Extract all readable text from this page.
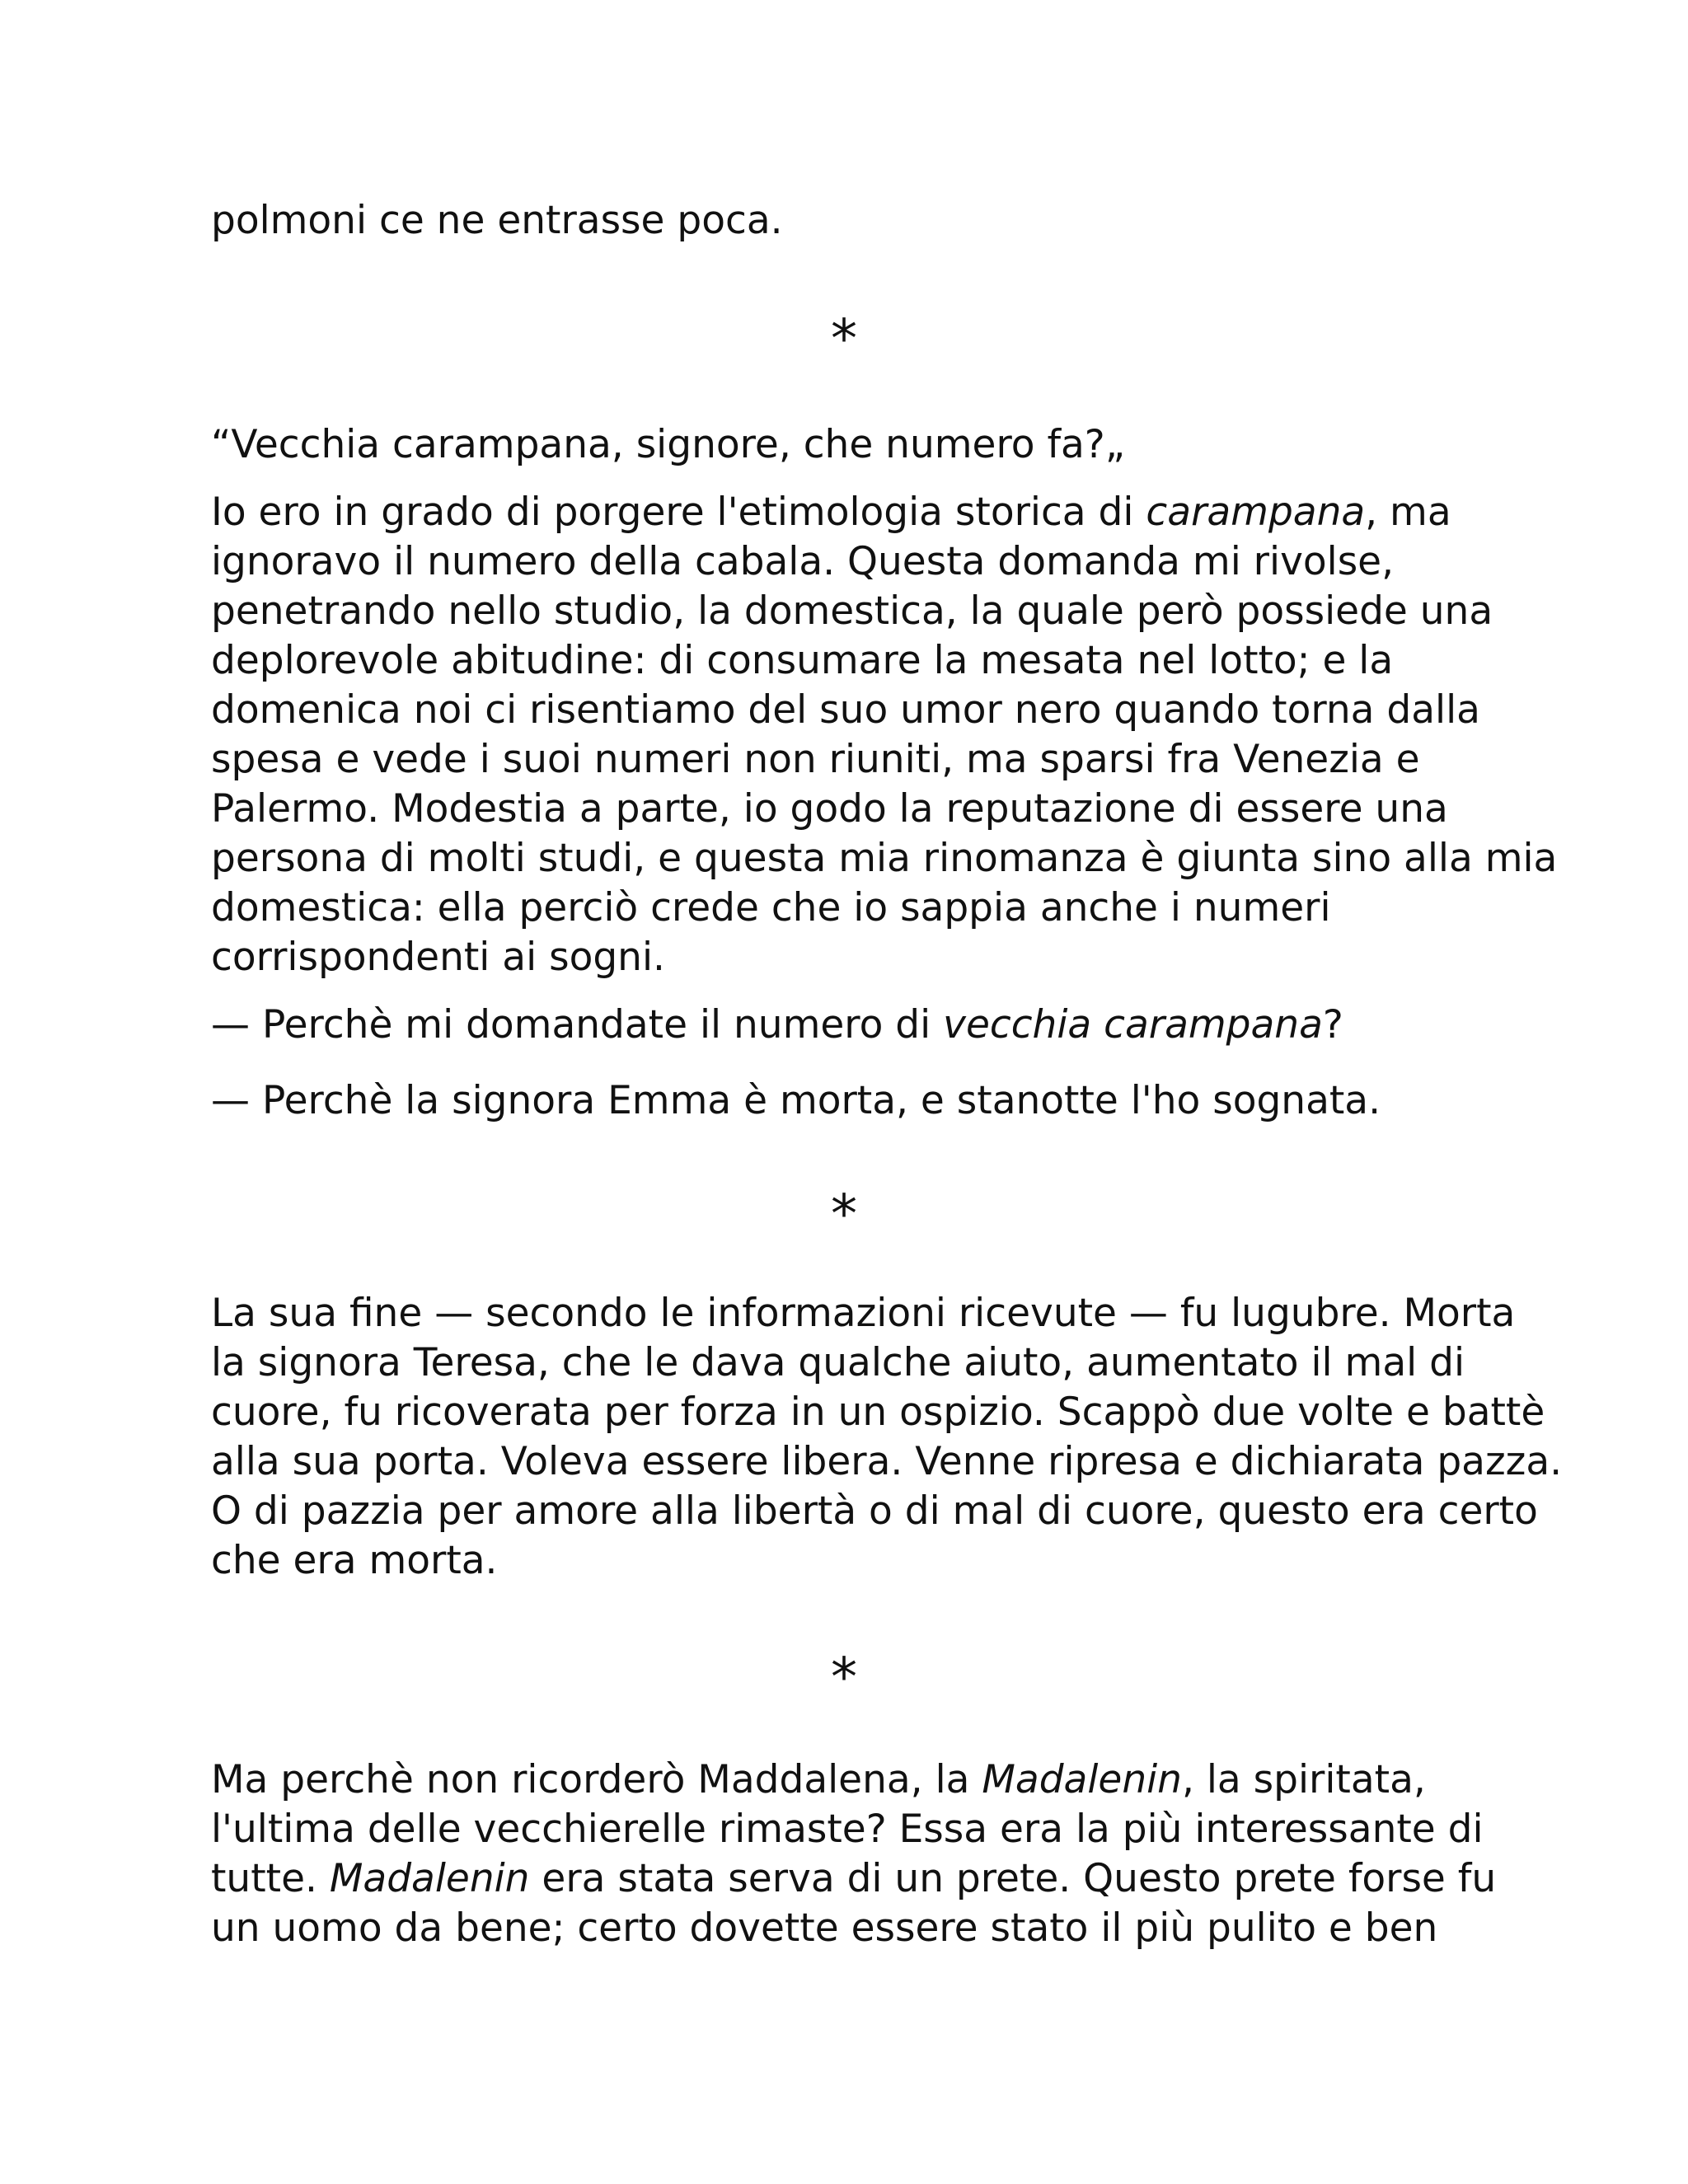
polmoni ce ne entrasse poca.

*

“Vecchia carampana, signore, che numero fa?„

Io ero in grado di porgere l'etimologia storica di carampana, ma
ignoravo il numero della cabala. Questa domanda mi rivolse,
penetrando nello studio, la domestica, la quale però possiede una
deplorevole abitudine: di consumare la mesata nel lotto; e la
domenica noi ci risentiamo del suo umor nero quando torna dalla
spesa e vede i suoi numeri non riuniti, ma sparsi fra Venezia e
Palermo. Modestia a parte, io godo la reputazione di essere una
persona di molti studi, e questa mia rinomanza è giunta sino alla mia
domestica: ella perciò crede che io sappia anche i numeri
corrispondenti ai sogni.

— Perchè mi domandate il numero di vecchia carampana?

— Perchè la signora Emma è morta, e stanotte l'ho sognata.

*

La sua fine — secondo le informazioni ricevute — fu lugubre. Morta
la signora Teresa, che le dava qualche aiuto, aumentato il mal di
cuore, fu ricoverata per forza in un ospizio. Scappò due volte e battè
alla sua porta. Voleva essere libera. Venne ripresa e dichiarata pazza.
O di pazzia per amore alla libertà o di mal di cuore, questo era certo
che era morta.

*

Ma perchè non ricorderò Maddalena, la Madalenin, la spiritata,
l'ultima delle vecchierelle rimaste? Essa era la più interessante di
tutte. Madalenin era stata serva di un prete. Questo prete forse fu
un uomo da bene; certo dovette essere stato il più pulito e ben
